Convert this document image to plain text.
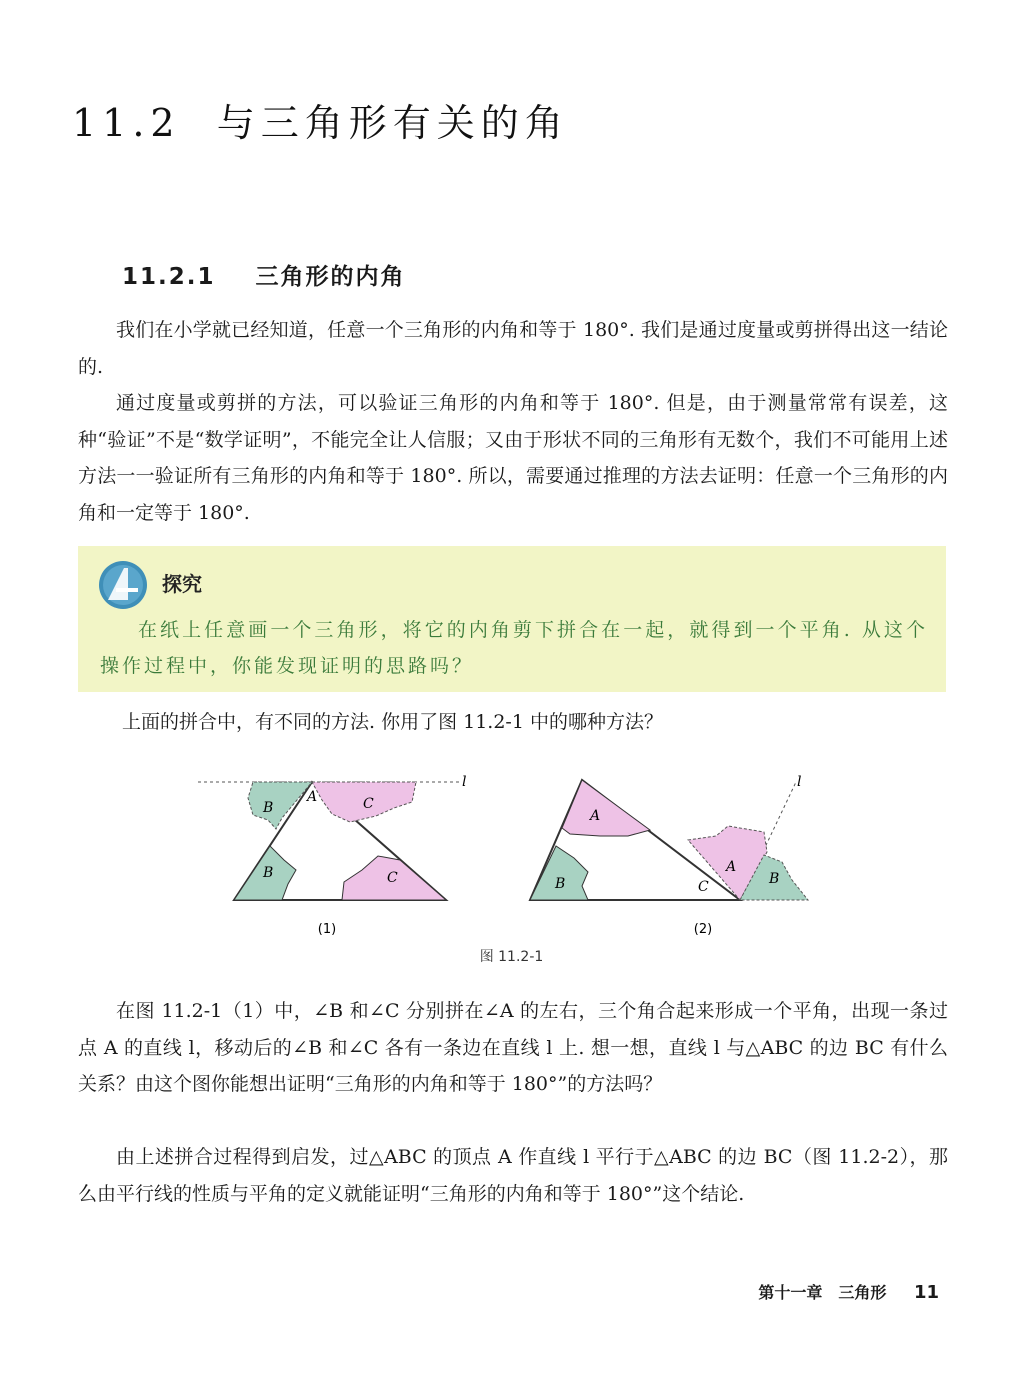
11.2 与三角形有关的角
11.2.1 三角形的内角

我们在小学就已经知道，任意一个三角形的内角和等于 180°. 我们是通过度量或剪拼得出这一结论的.

通过度量或剪拼的方法，可以验证三角形的内角和等于 180°. 但是，由于测量常常有误差，这种“验证”不是“数学证明”，不能完全让人信服；又由于形状不同的三角形有无数个，我们不可能用上述方法一一验证所有三角形的内角和等于 180°. 所以，需要通过推理的方法去证明：任意一个三角形的内角和一定等于 180°.

探究

在纸上任意画一个三角形，将它的内角剪下拼合在一起，就得到一个平角. 从这个操作过程中，你能发现证明的思路吗？

上面的拼合中，有不同的方法. 你用了图 11.2-1 中的哪种方法？

l
A
B	C
B	C
(1)
l
A
B	C
A
B
(2)
图 11.2-1

在图 11.2-1（1）中，∠B 和∠C 分别拼在∠A 的左右，三个角合起来形成一个平角，出现一条过点 A 的直线 l，移动后的∠B 和∠C 各有一条边在直线 l 上. 想一想，直线 l 与△ABC 的边 BC 有什么关系？由这个图你能想出证明“三角形的内角和等于 180°”的方法吗？

由上述拼合过程得到启发，过△ABC 的顶点 A 作直线 l 平行于△ABC 的边 BC（图 11.2-2），那么由平行线的性质与平角的定义就能证明“三角形的内角和等于 180°”这个结论.

第十一章　三角形 11
